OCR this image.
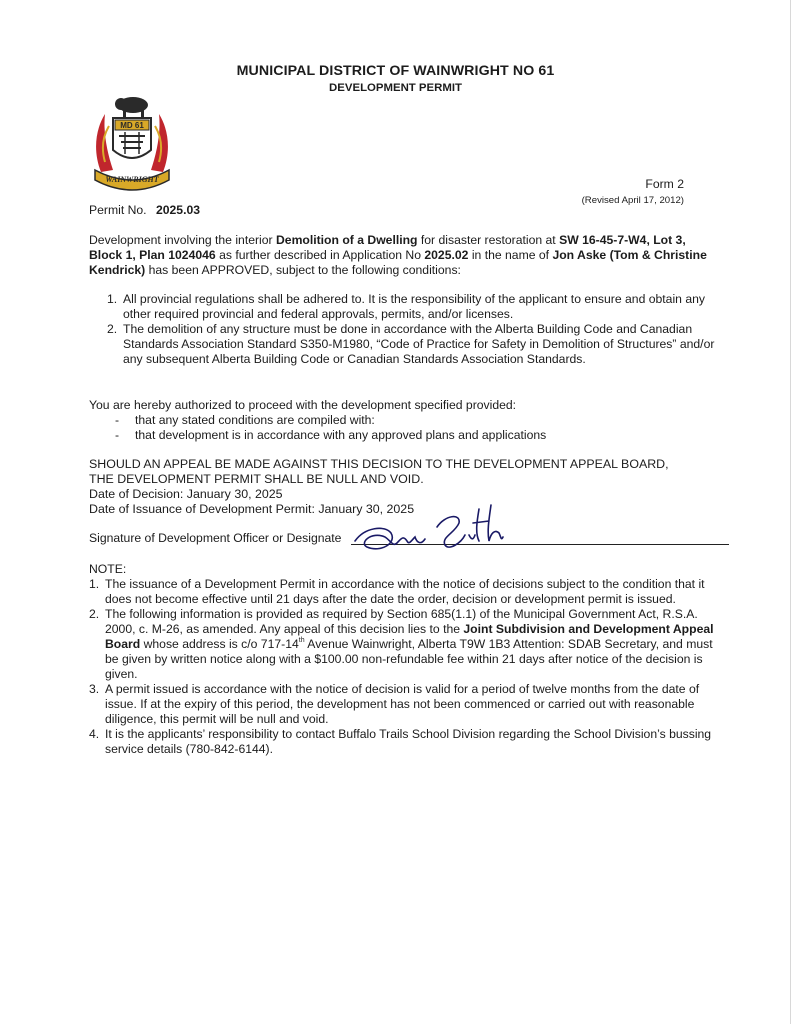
MUNICIPAL DISTRICT OF WAINWRIGHT NO 61
DEVELOPMENT PERMIT
MD 61
WAINWRIGHT	Form 2
(Revised April 17, 2012)
Permit No. 2025.03
Development involving the interior Demolition of a Dwelling for disaster restoration at SW 16-45-7-W4, Lot 3, Block 1, Plan 1024046 as further described in Application No 2025.02 in the name of Jon Aske (Tom & Christine Kendrick) has been APPROVED, subject to the following conditions:
1. All provincial regulations shall be adhered to. It is the responsibility of the applicant to ensure and obtain any other required provincial and federal approvals, permits, and/or licenses.
2. The demolition of any structure must be done in accordance with the Alberta Building Code and Canadian Standards Association Standard S350-M1980, “Code of Practice for Safety in Demolition of Structures” and/or any subsequent Alberta Building Code or Canadian Standards Association Standards.
You are hereby authorized to proceed with the development specified provided:
- that any stated conditions are compiled with:
- that development is in accordance with any approved plans and applications
SHOULD AN APPEAL BE MADE AGAINST THIS DECISION TO THE DEVELOPMENT APPEAL BOARD,
THE DEVELOPMENT PERMIT SHALL BE NULL AND VOID.
Date of Decision: January 30, 2025
Date of Issuance of Development Permit: January 30, 2025
Signature of Development Officer or Designate
NOTE:
1. The issuance of a Development Permit in accordance with the notice of decisions subject to the condition that it does not become effective until 21 days after the date the order, decision or development permit is issued.
2. The following information is provided as required by Section 685(1.1) of the Municipal Government Act, R.S.A. 2000, c. M-26, as amended. Any appeal of this decision lies to the Joint Subdivision and Development Appeal Board whose address is c/o 717-14th Avenue Wainwright, Alberta T9W 1B3 Attention: SDAB Secretary, and must be given by written notice along with a $100.00 non-refundable fee within 21 days after notice of the decision is given.
3. A permit issued is accordance with the notice of decision is valid for a period of twelve months from the date of issue. If at the expiry of this period, the development has not been commenced or carried out with reasonable diligence, this permit will be null and void.
4. It is the applicants’ responsibility to contact Buffalo Trails School Division regarding the School Division’s bussing service details (780-842-6144).
